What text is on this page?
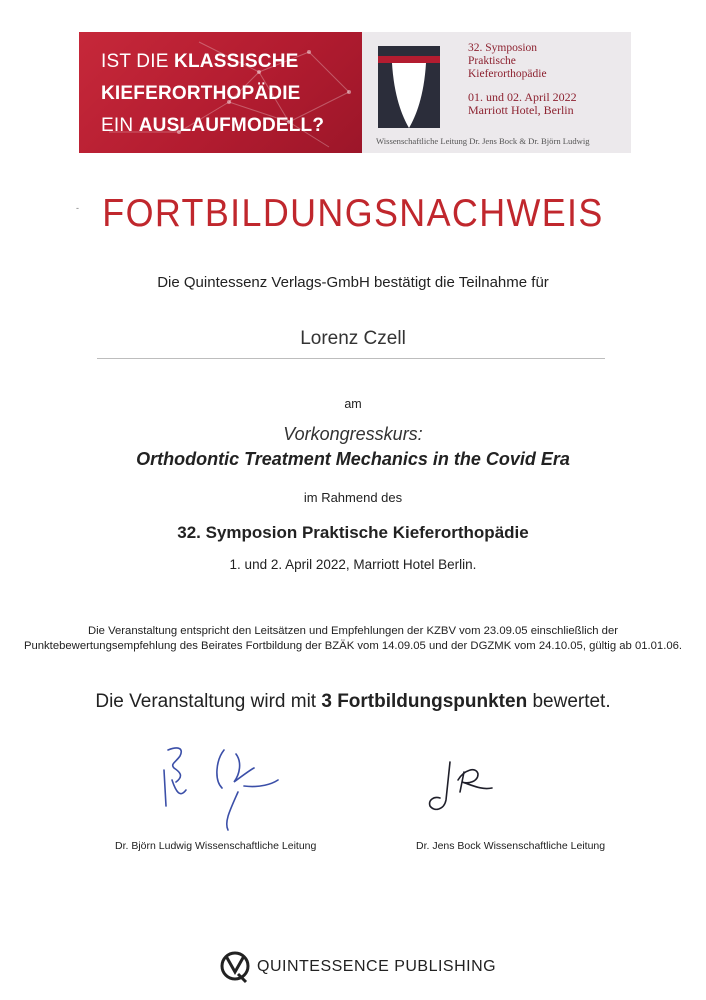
IST DIE KLASSISCHE
KIEFERORTHOPÄDIE
EIN AUSLAUFMODELL?
32. Symposion
Praktische
Kieferorthopädie
01. und 02. April 2022
Marriott Hotel, Berlin
Wissenschaftliche Leitung Dr. Jens Bock & Dr. Björn Ludwig
- FORTBILDUNGSNACHWEIS
Die Quintessenz Verlags-GmbH bestätigt die Teilnahme für
Lorenz Czell
am
Vorkongresskurs:
Orthodontic Treatment Mechanics in the Covid Era
im Rahmend des
32. Symposion Praktische Kieferorthopädie
1. und 2. April 2022, Marriott Hotel Berlin.
Die Veranstaltung entspricht den Leitsätzen und Empfehlungen der KZBV vom 23.09.05 einschließlich der
Punktebewertungsempfehlung des Beirates Fortbildung der BZÄK vom 14.09.05 und der DGZMK vom 24.10.05, gültig ab 01.01.06.
Die Veranstaltung wird mit 3 Fortbildungspunkten bewertet.
Dr. Björn Ludwig Wissenschaftliche Leitung	Dr. Jens Bock Wissenschaftliche Leitung
QUINTESSENCE PUBLISHING
